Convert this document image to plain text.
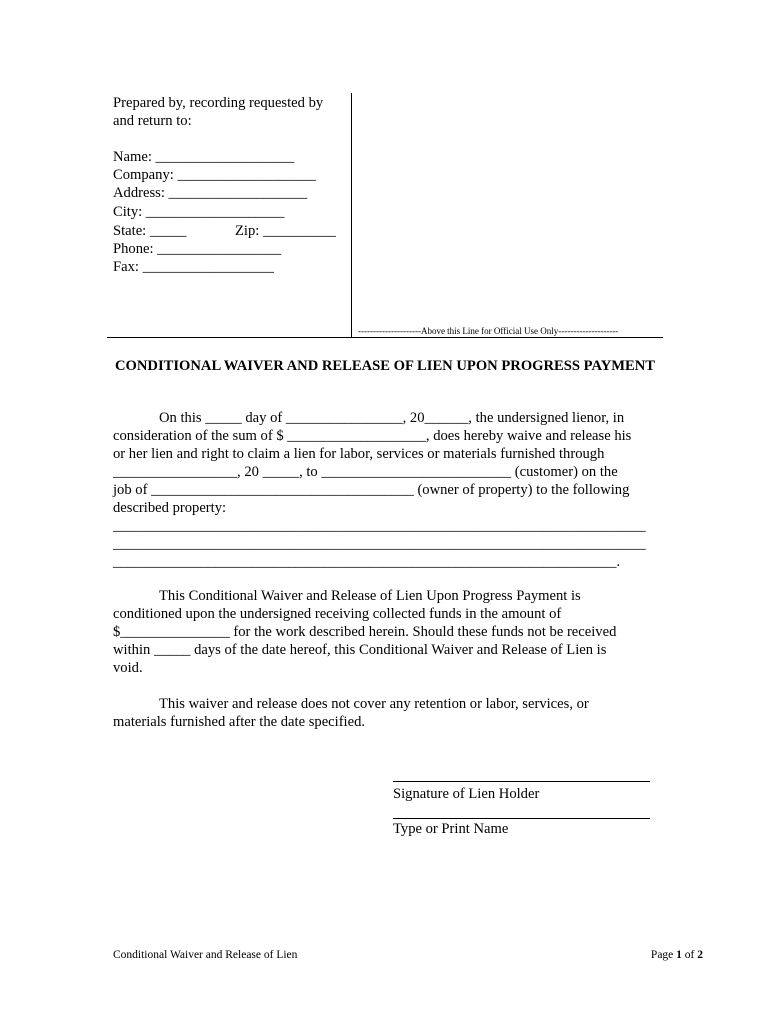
Prepared by, recording requested by
and return to:
Name: ___________________
Company: ___________________
Address: ___________________
City: ___________________
State: _____	Zip: __________
Phone: _________________
Fax: __________________
---------------------Above this Line for Official Use Only--------------------
CONDITIONAL WAIVER AND RELEASE OF LIEN UPON PROGRESS PAYMENT
On this _____ day of ________________, 20______, the undersigned lienor, in
consideration of the sum of $ ___________________, does hereby waive and release his
or her lien and right to claim a lien for labor, services or materials furnished through
_________________, 20 _____, to __________________________ (customer) on the
job of ____________________________________ (owner of property) to the following
described property:
_________________________________________________________________________
_________________________________________________________________________
_____________________________________________________________________.
This Conditional Waiver and Release of Lien Upon Progress Payment is
conditioned upon the undersigned receiving collected funds in the amount of
$_______________ for the work described herein. Should these funds not be received
within _____ days of the date hereof, this Conditional Waiver and Release of Lien is
void.
This waiver and release does not cover any retention or labor, services, or
materials furnished after the date specified.
Signature of Lien Holder
Type or Print Name
Conditional Waiver and Release of Lien	Page 1 of 2
